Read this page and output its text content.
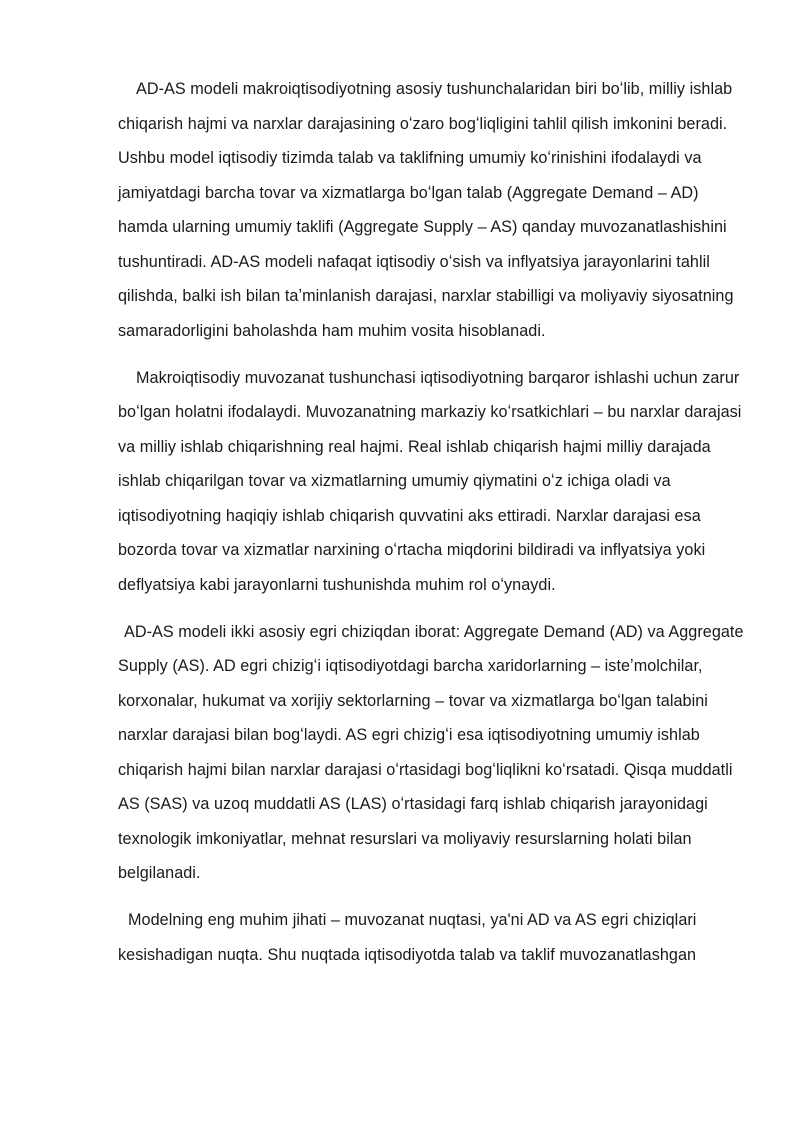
AD-AS modeli makroiqtisodiyotning asosiy tushunchalaridan biri boʻlib, milliy ishlab chiqarish hajmi va narxlar darajasining oʻzaro bogʻliqligini tahlil qilish imkonini beradi. Ushbu model iqtisodiy tizimda talab va taklifning umumiy koʻrinishini ifodalaydi va jamiyatdagi barcha tovar va xizmatlarga boʻlgan talab (Aggregate Demand – AD) hamda ularning umumiy taklifi (Aggregate Supply – AS) qanday muvozanatlashishini tushuntiradi. AD-AS modeli nafaqat iqtisodiy oʻsish va inflyatsiya jarayonlarini tahlil qilishda, balki ish bilan taʼminlanish darajasi, narxlar stabilligi va moliyaviy siyosatning samaradorligini baholashda ham muhim vosita hisoblanadi.

Makroiqtisodiy muvozanat tushunchasi iqtisodiyotning barqaror ishlashi uchun zarur boʻlgan holatni ifodalaydi. Muvozanatning markaziy koʻrsatkichlari – bu narxlar darajasi va milliy ishlab chiqarishning real hajmi. Real ishlab chiqarish hajmi milliy darajada ishlab chiqarilgan tovar va xizmatlarning umumiy qiymatini oʻz ichiga oladi va iqtisodiyotning haqiqiy ishlab chiqarish quvvatini aks ettiradi. Narxlar darajasi esa bozorda tovar va xizmatlar narxining oʻrtacha miqdorini bildiradi va inflyatsiya yoki deflyatsiya kabi jarayonlarni tushunishda muhim rol oʻynaydi.

AD-AS modeli ikki asosiy egri chiziqdan iborat: Aggregate Demand (AD) va Aggregate Supply (AS). AD egri chizigʻi iqtisodiyotdagi barcha xaridorlarning – isteʼmolchilar, korxonalar, hukumat va xorijiy sektorlarning – tovar va xizmatlarga boʻlgan talabini narxlar darajasi bilan bogʻlaydi. AS egri chizigʻi esa iqtisodiyotning umumiy ishlab chiqarish hajmi bilan narxlar darajasi oʻrtasidagi bogʻliqlikni koʻrsatadi. Qisqa muddatli AS (SAS) va uzoq muddatli AS (LAS) oʻrtasidagi farq ishlab chiqarish jarayonidagi texnologik imkoniyatlar, mehnat resurslari va moliyaviy resurslarning holati bilan belgilanadi.

Modelning eng muhim jihati – muvozanat nuqtasi, ya'ni AD va AS egri chiziqlari kesishadigan nuqta. Shu nuqtada iqtisodiyotda talab va taklif muvozanatlashgan
